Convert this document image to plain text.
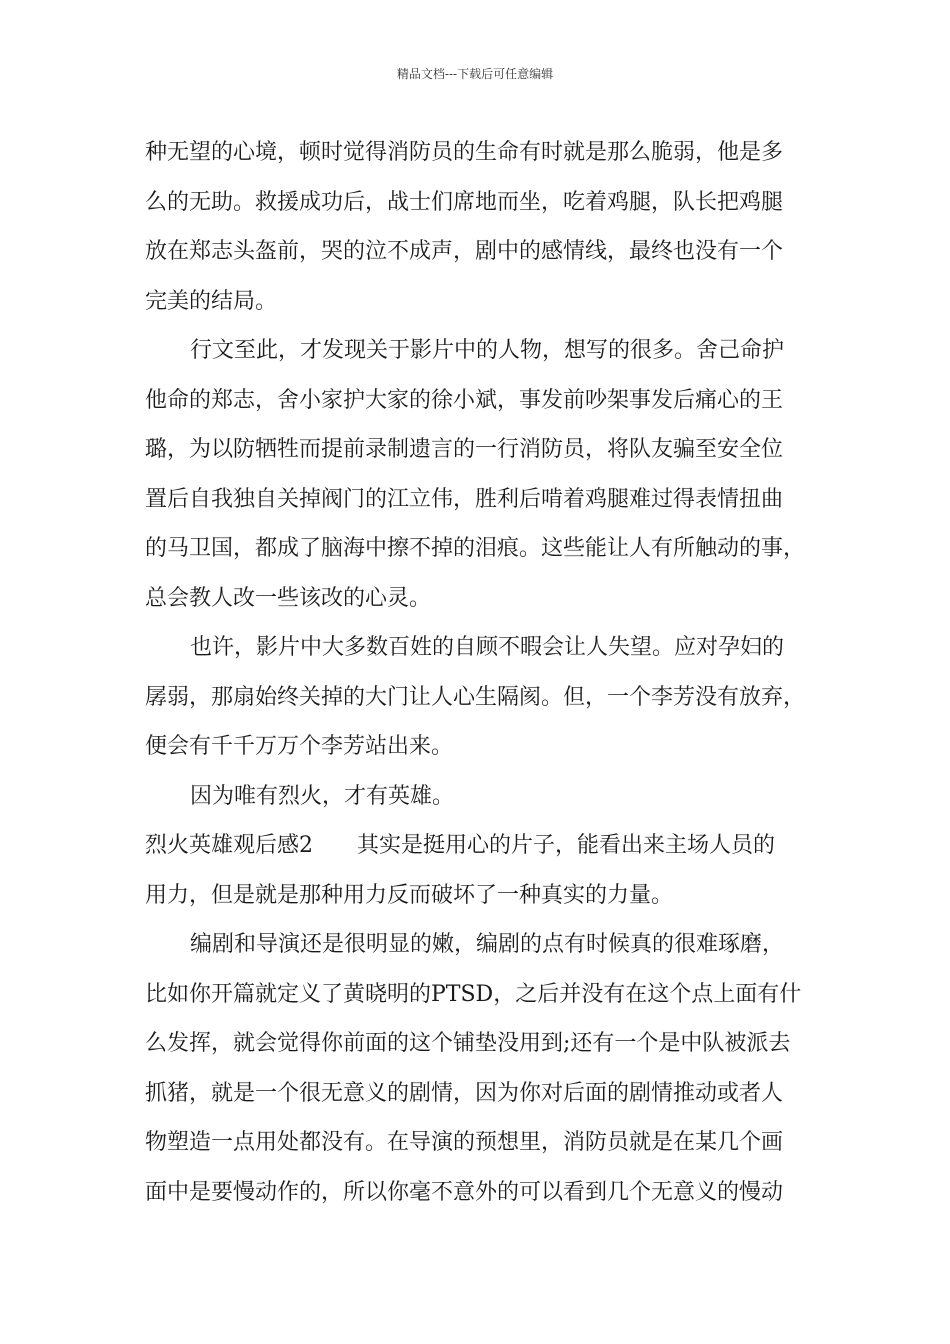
精品文档---下载后可任意编辑
种无望的心境，顿时觉得消防员的生命有时就是那么脆弱，他是多
么的无助。救援成功后，战士们席地而坐，吃着鸡腿，队长把鸡腿
放在郑志头盔前，哭的泣不成声，剧中的感情线，最终也没有一个
完美的结局。
行文至此，才发现关于影片中的人物，想写的很多。舍己命护
他命的郑志，舍小家护大家的徐小斌，事发前吵架事发后痛心的王
璐，为以防牺牲而提前录制遗言的一行消防员，将队友骗至安全位
置后自我独自关掉阀门的江立伟，胜利后啃着鸡腿难过得表情扭曲
的马卫国，都成了脑海中擦不掉的泪痕。这些能让人有所触动的事，
总会教人改一些该改的心灵。
也许，影片中大多数百姓的自顾不暇会让人失望。应对孕妇的
孱弱，那扇始终关掉的大门让人心生隔阂。但，一个李芳没有放弃，
便会有千千万万个李芳站出来。
因为唯有烈火，才有英雄。
烈火英雄观后感2 其实是挺用心的片子，能看出来主场人员的
用力，但是就是那种用力反而破坏了一种真实的力量。
编剧和导演还是很明显的嫩，编剧的点有时候真的很难琢磨，
比如你开篇就定义了黄晓明的PTSD，之后并没有在这个点上面有什
么发挥，就会觉得你前面的这个铺垫没用到;还有一个是中队被派去
抓猪，就是一个很无意义的剧情，因为你对后面的剧情推动或者人
物塑造一点用处都没有。在导演的预想里，消防员就是在某几个画
面中是要慢动作的，所以你毫不意外的可以看到几个无意义的慢动
